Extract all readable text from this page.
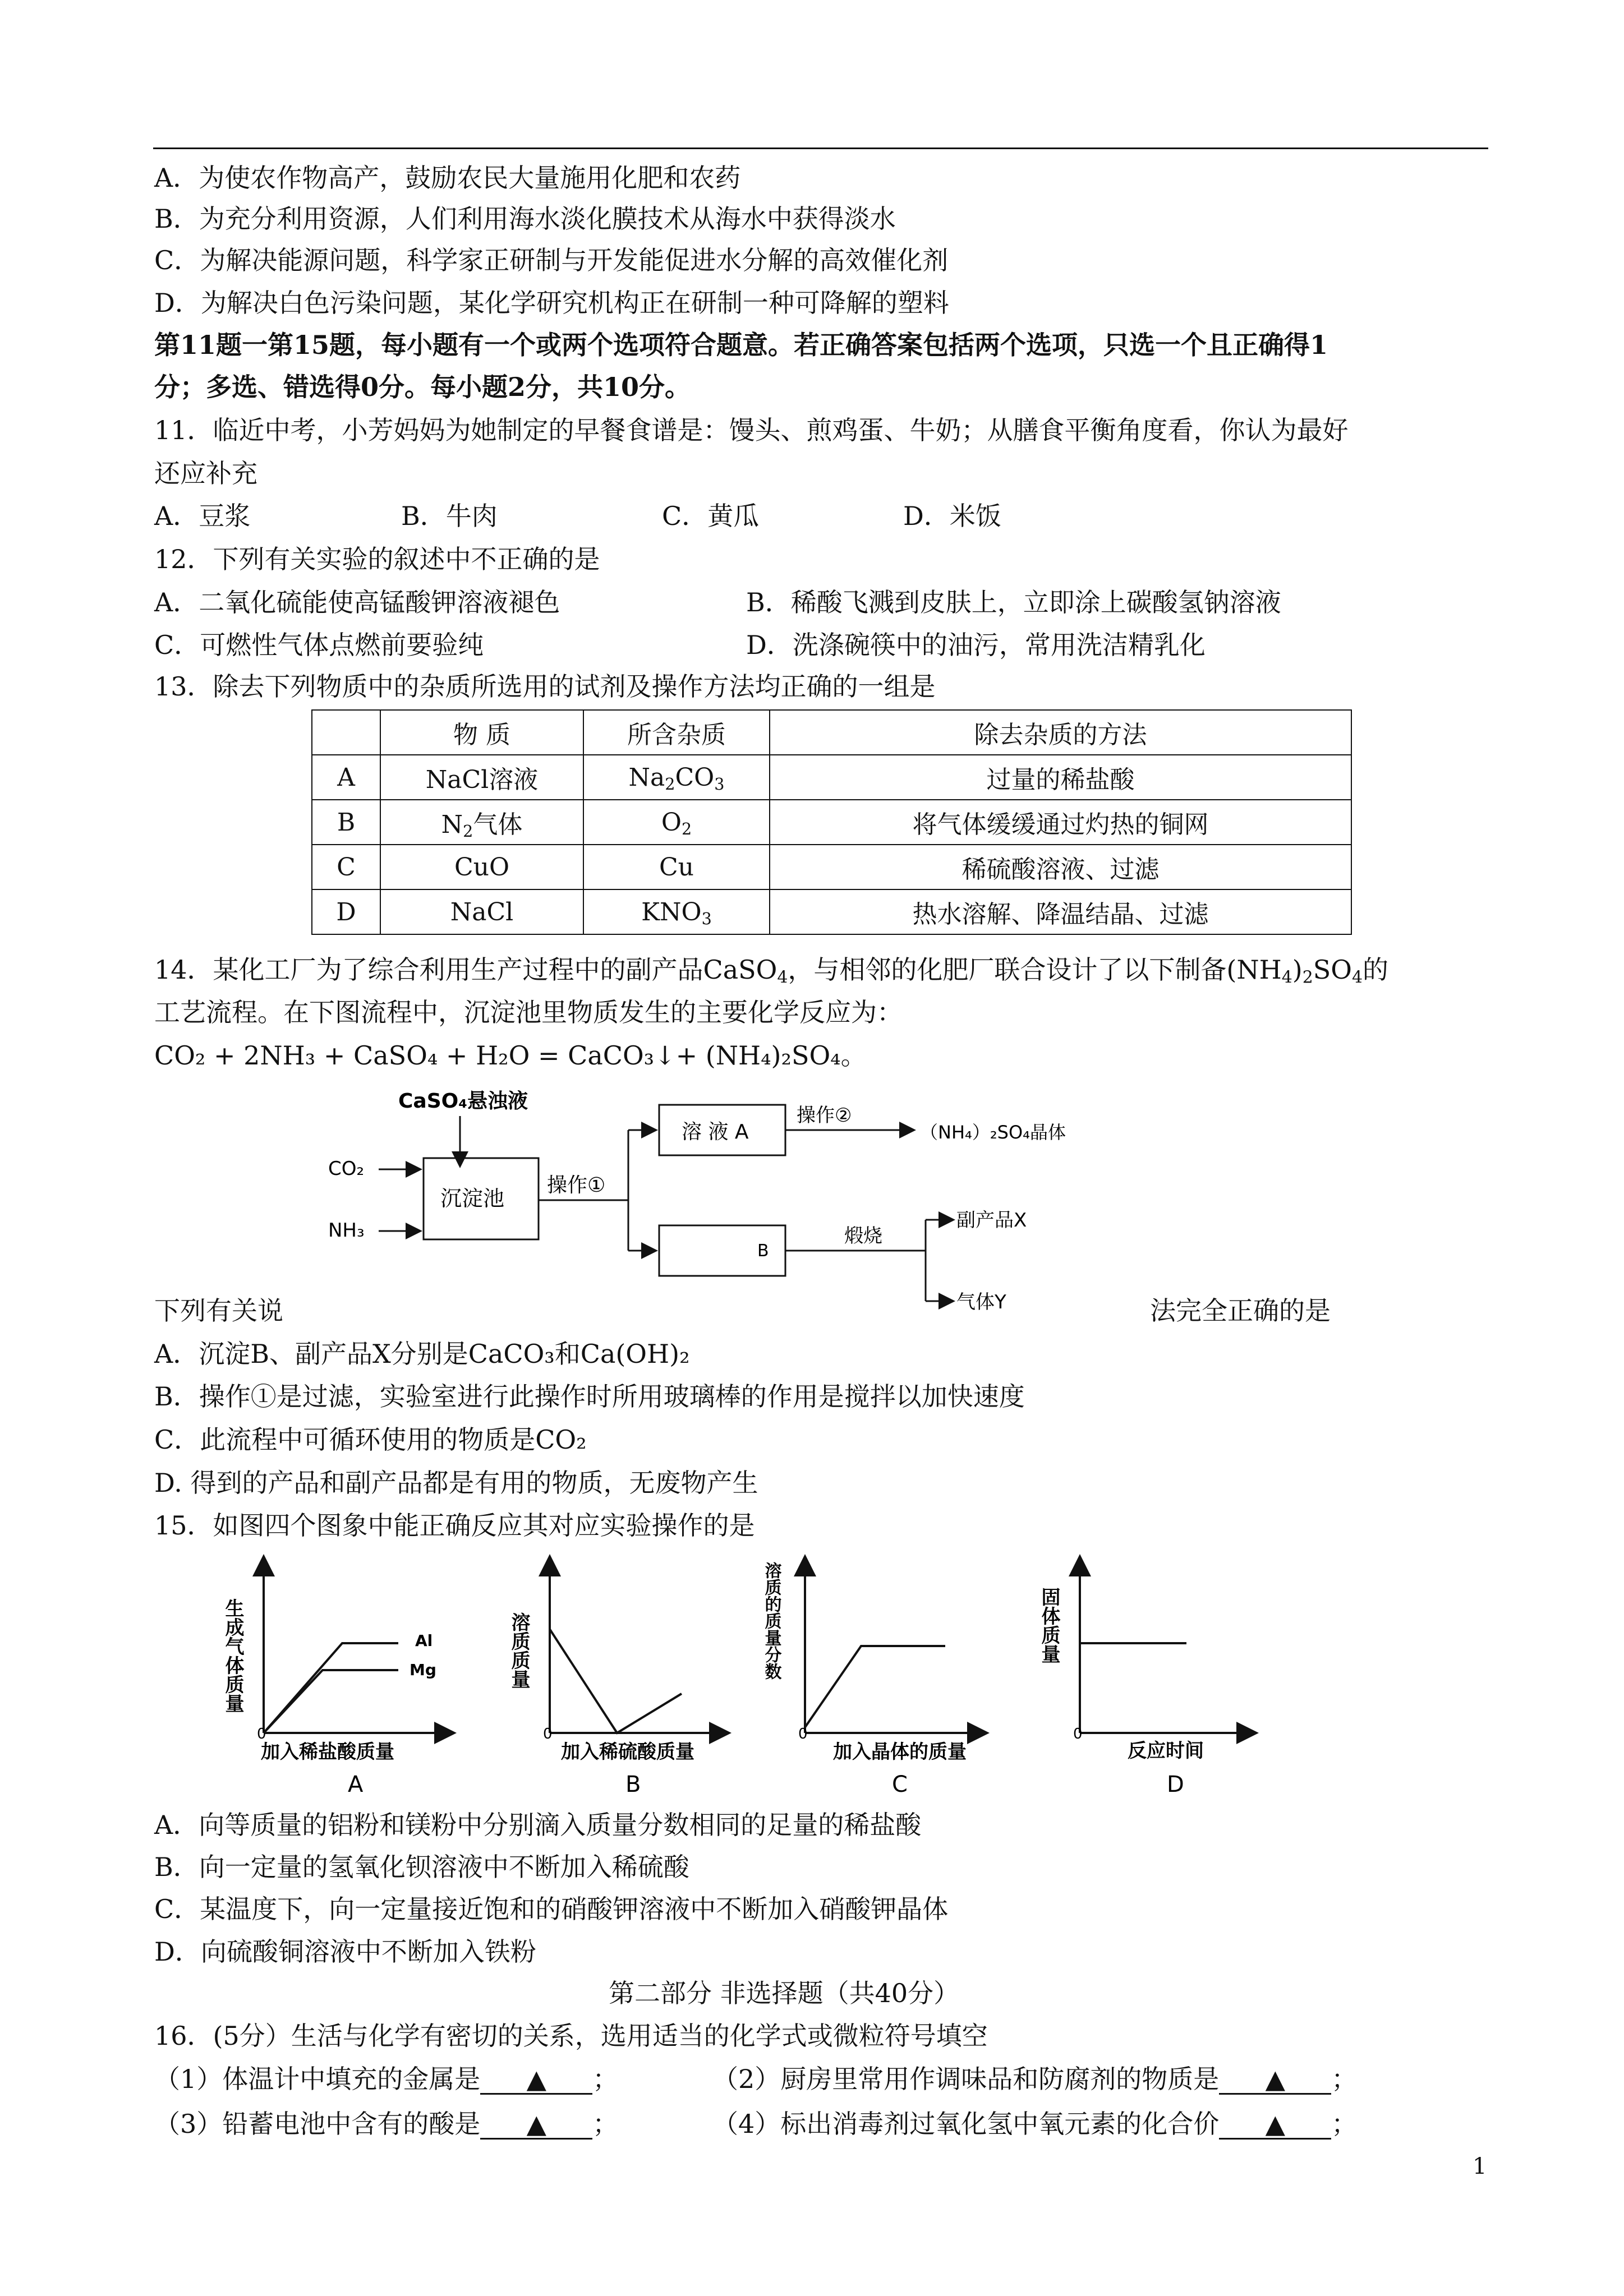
A．为使农作物高产，鼓励农民大量施用化肥和农药
B．为充分利用资源，人们利用海水淡化膜技术从海水中获得淡水
C．为解决能源问题，科学家正研制与开发能促进水分解的高效催化剂
D．为解决白色污染问题，某化学研究机构正在研制一种可降解的塑料
第11题一第15题，每小题有一个或两个选项符合题意。若正确答案包括两个选项，只选一个且正确得1
分；多选、错选得0分。每小题2分，共10分。
11．临近中考，小芳妈妈为她制定的早餐食谱是：馒头、煎鸡蛋、牛奶；从膳食平衡角度看，你认为最好
还应补充
A．豆浆	B．牛肉	C．黄瓜	D．米饭
12．下列有关实验的叙述中不正确的是
A．二氧化硫能使高锰酸钾溶液褪色	B．稀酸飞溅到皮肤上，立即涂上碳酸氢钠溶液
C．可燃性气体点燃前要验纯	D．洗涤碗筷中的油污，常用洗洁精乳化
13．除去下列物质中的杂质所选用的试剂及操作方法均正确的一组是
	物 质	所含杂质	除去杂质的方法
A	NaCl溶液	$Na_2CO_3$	过量的稀盐酸
B	$N_2$气体	$O_2$	将气体缓缓通过灼热的铜网
C	CuO	Cu	稀硫酸溶液、过滤
D	NaCl	$KNO_3$	热水溶解、降温结晶、过滤
14．某化工厂为了综合利用生产过程中的副产品CaSO$_4$，与相邻的化肥厂联合设计了以下制备$(NH_4)_2SO_4$的
工艺流程。在下图流程中，沉淀池里物质发生的主要化学反应为：
CO₂ + 2NH₃ + CaSO₄ + H₂O = CaCO₃↓+ (NH₄)₂SO₄。
CaSO₄悬浊液
CO₂
NH₃
沉淀池
操作①
溶 液 A
操作②
（NH₄）₂SO₄晶体
B
煅烧
副产品X
气体Y
下列有关说	法完全正确的是
A．沉淀B、副产品X分别是CaCO₃和Ca(OH)₂
B．操作①是过滤，实验室进行此操作时所用玻璃棒的作用是搅拌以加快速度
C．此流程中可循环使用的物质是CO₂
D. 得到的产品和副产品都是有用的物质，无废物产生
15．如图四个图象中能正确反应其对应实验操作的是
生成气体质量
加入稀盐酸质量
0
Al
Mg
A
溶质质量
加入稀硫酸质量
0
B
溶质的质量分数
加入晶体的质量
0
C
固体质量
反应时间
0
D
A．向等质量的铝粉和镁粉中分别滴入质量分数相同的足量的稀盐酸
B．向一定量的氢氧化钡溶液中不断加入稀硫酸
C．某温度下，向一定量接近饱和的硝酸钾溶液中不断加入硝酸钾晶体
D．向硫酸铜溶液中不断加入铁粉
第二部分 非选择题（共40分）
16．(5分）生活与化学有密切的关系，选用适当的化学式或微粒符号填空
（1）体温计中填充的金属是 ▲ ；	（2）厨房里常用作调味品和防腐剂的物质是 ▲ ；
（3）铅蓄电池中含有的酸是 ▲ ；	（4）标出消毒剂过氧化氢中氧元素的化合价 ▲ ；
1
